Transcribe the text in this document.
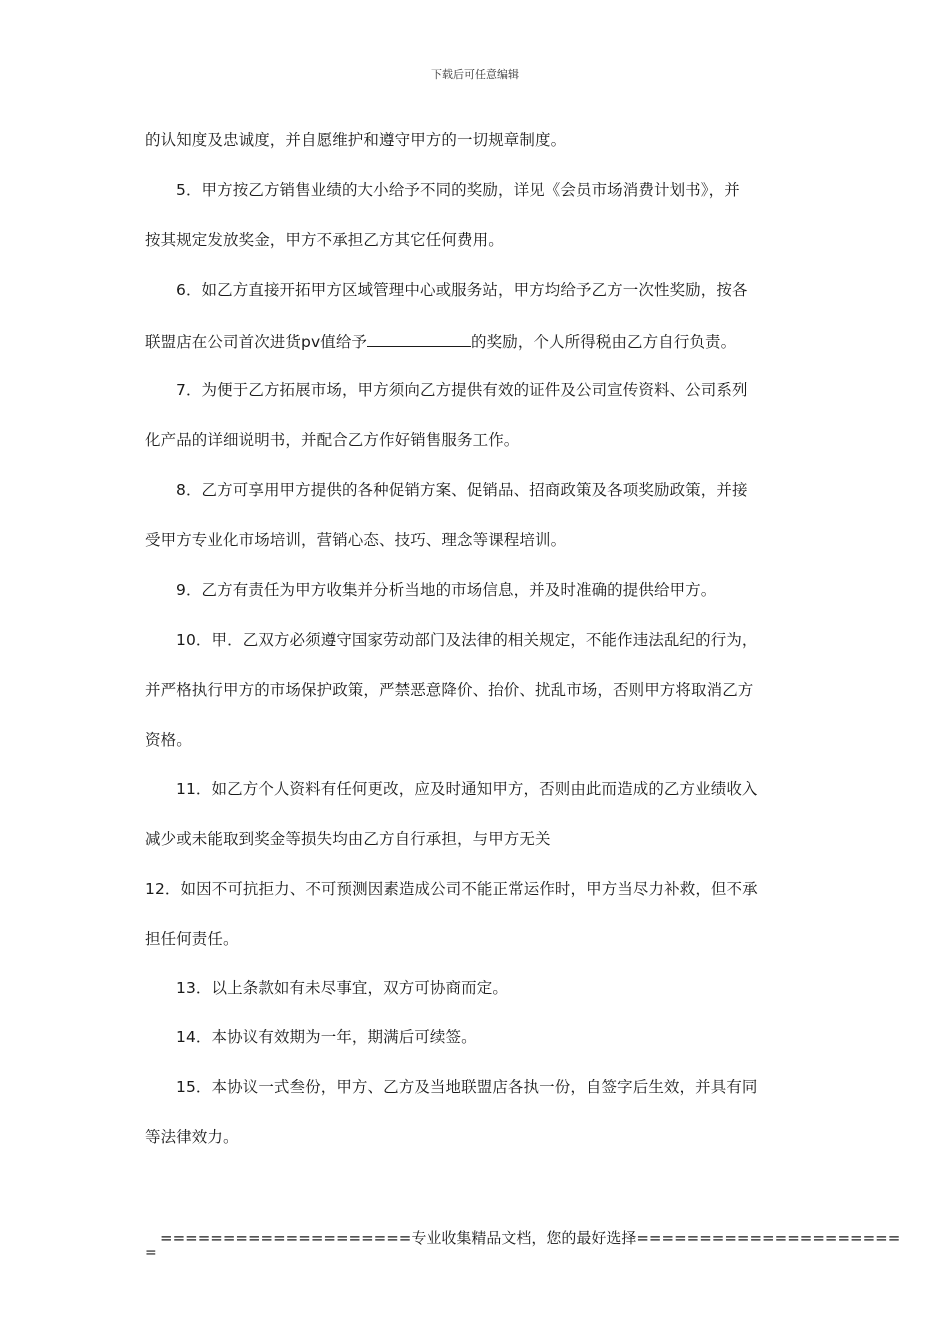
下载后可任意编辑
的认知度及忠诚度，并自愿维护和遵守甲方的一切规章制度。
5．甲方按乙方销售业绩的大小给予不同的奖励，详见《会员市场消费计划书》，并
按其规定发放奖金，甲方不承担乙方其它任何费用。
6．如乙方直接开拓甲方区域管理中心或服务站，甲方均给予乙方一次性奖励，按各
联盟店在公司首次进货pv值给予	的奖励，个人所得税由乙方自行负责。
7．为便于乙方拓展市场，甲方须向乙方提供有效的证件及公司宣传资料、公司系列
化产品的详细说明书，并配合乙方作好销售服务工作。
8．乙方可享用甲方提供的各种促销方案、促销品、招商政策及各项奖励政策，并接
受甲方专业化市场培训，营销心态、技巧、理念等课程培训。
9．乙方有责任为甲方收集并分析当地的市场信息，并及时准确的提供给甲方。
10．甲．乙双方必须遵守国家劳动部门及法律的相关规定，不能作违法乱纪的行为，
并严格执行甲方的市场保护政策，严禁恶意降价、抬价、扰乱市场，否则甲方将取消乙方
资格。
11．如乙方个人资料有任何更改，应及时通知甲方，否则由此而造成的乙方业绩收入
减少或未能取到奖金等损失均由乙方自行承担，与甲方无关
12．如因不可抗拒力、不可预测因素造成公司不能正常运作时，甲方当尽力补救，但不承
担任何责任。
13．以上条款如有未尽事宜，双方可协商而定。
14．本协议有效期为一年，期满后可续签。
15．本协议一式叁份，甲方、乙方及当地联盟店各执一份，自签字后生效，并具有同
等法律效力。
====================专业收集精品文档，您的最好选择=====================
=
